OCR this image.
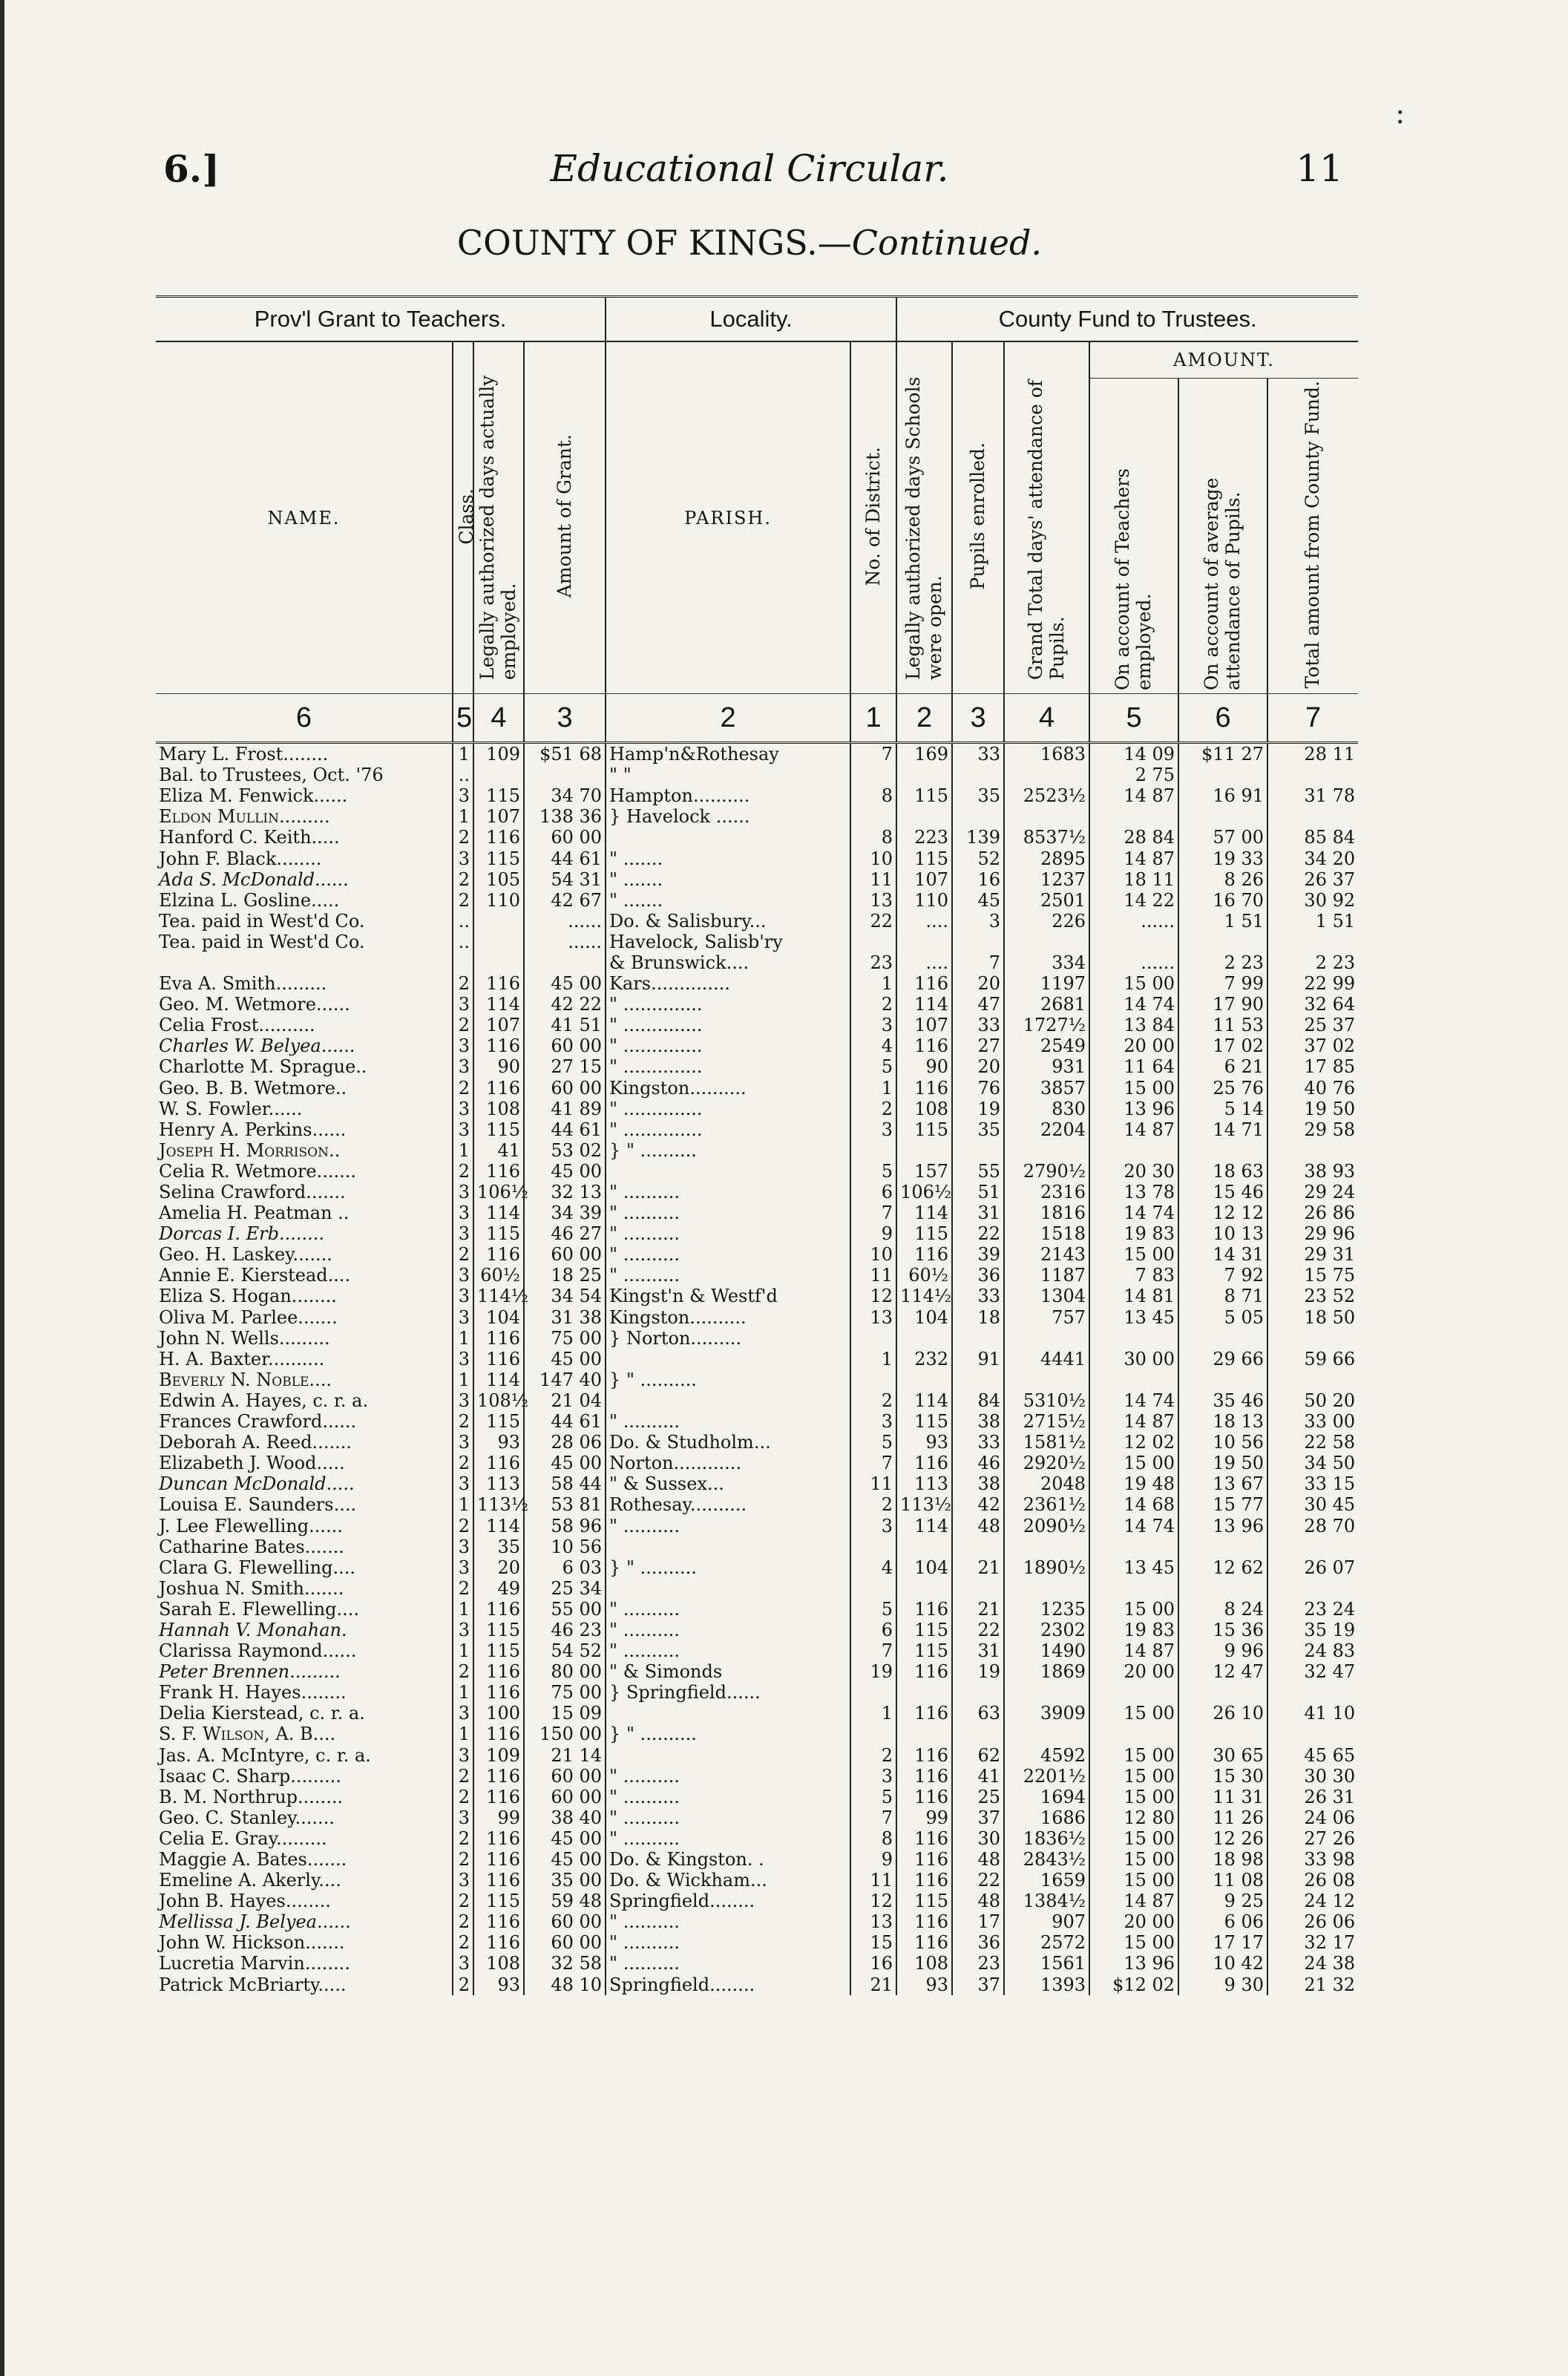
6.]	Educational Circular.	11
COUNTY OF KINGS.—Continued.
Prov'l Grant to Teachers.				Locality.		County Fund to Trustees.					
NAME.	Class.	Legally authorized days actually employed.	Amount of Grant.	PARISH.	No. of District.	Legally authorized days Schools were open.	Pupils enrolled.	Grand Total days' attendance of Pupils.	AMOUNT.		
									On account of Teachers employed.	On account of average attendance of Pupils.	Total amount from County Fund.
6	5	4	3	2	1	2	3	4	5	6	7
Mary L. Frost........	1	109	$51 68	Hamp'n&Rothesay	7	169	33	1683	14 09	$11 27	28 11
Bal. to Trustees, Oct. '76	..			" "					2 75		
Eliza M. Fenwick......	3	115	34 70	Hampton..........	8	115	35	2523½	14 87	16 91	31 78
Eldon Mullin.........	1	107	138 36	} Havelock ......							
Hanford C. Keith.....	2	116	60 00		8	223	139	8537½	28 84	57 00	85 84
John F. Black........	3	115	44 61	" .......	10	115	52	2895	14 87	19 33	34 20
Ada S. McDonald......	2	105	54 31	" .......	11	107	16	1237	18 11	8 26	26 37
Elzina L. Gosline.....	2	110	42 67	" .......	13	110	45	2501	14 22	16 70	30 92
Tea. paid in West'd Co.	..		......	Do. & Salisbury...	22	....	3	226	......	1 51	1 51
Tea. paid in West'd Co.	..		......	Havelock, Salisb'ry							
				& Brunswick....	23	....	7	334	......	2 23	2 23
Eva A. Smith.........	2	116	45 00	Kars..............	1	116	20	1197	15 00	7 99	22 99
Geo. M. Wetmore......	3	114	42 22	" ..............	2	114	47	2681	14 74	17 90	32 64
Celia Frost..........	2	107	41 51	" ..............	3	107	33	1727½	13 84	11 53	25 37
Charles W. Belyea......	3	116	60 00	" ..............	4	116	27	2549	20 00	17 02	37 02
Charlotte M. Sprague..	3	90	27 15	" ..............	5	90	20	931	11 64	6 21	17 85
Geo. B. B. Wetmore..	2	116	60 00	Kingston..........	1	116	76	3857	15 00	25 76	40 76
W. S. Fowler......	3	108	41 89	" ..............	2	108	19	830	13 96	5 14	19 50
Henry A. Perkins......	3	115	44 61	" ..............	3	115	35	2204	14 87	14 71	29 58
Joseph H. Morrison..	1	41	53 02	} " ..........							
Celia R. Wetmore.......	2	116	45 00		5	157	55	2790½	20 30	18 63	38 93
Selina Crawford.......	3	106½	32 13	" ..........	6	106½	51	2316	13 78	15 46	29 24
Amelia H. Peatman ..	3	114	34 39	" ..........	7	114	31	1816	14 74	12 12	26 86
Dorcas I. Erb........	3	115	46 27	" ..........	9	115	22	1518	19 83	10 13	29 96
Geo. H. Laskey.......	2	116	60 00	" ..........	10	116	39	2143	15 00	14 31	29 31
Annie E. Kierstead....	3	60½	18 25	" ..........	11	60½	36	1187	7 83	7 92	15 75
Eliza S. Hogan........	3	114½	34 54	Kingst'n & Westf'd	12	114½	33	1304	14 81	8 71	23 52
Oliva M. Parlee.......	3	104	31 38	Kingston..........	13	104	18	757	13 45	5 05	18 50
John N. Wells.........	1	116	75 00	} Norton.........							
H. A. Baxter..........	3	116	45 00		1	232	91	4441	30 00	29 66	59 66
Beverly N. Noble....	1	114	147 40	} " ..........							
Edwin A. Hayes, c. r. a.	3	108½	21 04		2	114	84	5310½	14 74	35 46	50 20
Frances Crawford......	2	115	44 61	" ..........	3	115	38	2715½	14 87	18 13	33 00
Deborah A. Reed.......	3	93	28 06	Do. & Studholm...	5	93	33	1581½	12 02	10 56	22 58
Elizabeth J. Wood.....	2	116	45 00	Norton............	7	116	46	2920½	15 00	19 50	34 50
Duncan McDonald.....	3	113	58 44	" & Sussex...	11	113	38	2048	19 48	13 67	33 15
Louisa E. Saunders....	1	113½	53 81	Rothesay..........	2	113½	42	2361½	14 68	15 77	30 45
J. Lee Flewelling......	2	114	58 96	" ..........	3	114	48	2090½	14 74	13 96	28 70
Catharine Bates.......	3	35	10 56								
Clara G. Flewelling....	3	20	6 03	} " ..........	4	104	21	1890½	13 45	12 62	26 07
Joshua N. Smith.......	2	49	25 34								
Sarah E. Flewelling....	1	116	55 00	" ..........	5	116	21	1235	15 00	8 24	23 24
Hannah V. Monahan.	3	115	46 23	" ..........	6	115	22	2302	19 83	15 36	35 19
Clarissa Raymond......	1	115	54 52	" ..........	7	115	31	1490	14 87	9 96	24 83
Peter Brennen.........	2	116	80 00	" & Simonds	19	116	19	1869	20 00	12 47	32 47
Frank H. Hayes........	1	116	75 00	} Springfield......							
Delia Kierstead, c. r. a.	3	100	15 09		1	116	63	3909	15 00	26 10	41 10
S. F. Wilson, A. B....	1	116	150 00	} " ..........							
Jas. A. McIntyre, c. r. a.	3	109	21 14		2	116	62	4592	15 00	30 65	45 65
Isaac C. Sharp.........	2	116	60 00	" ..........	3	116	41	2201½	15 00	15 30	30 30
B. M. Northrup........	2	116	60 00	" ..........	5	116	25	1694	15 00	11 31	26 31
Geo. C. Stanley.......	3	99	38 40	" ..........	7	99	37	1686	12 80	11 26	24 06
Celia E. Gray.........	2	116	45 00	" ..........	8	116	30	1836½	15 00	12 26	27 26
Maggie A. Bates.......	2	116	45 00	Do. & Kingston. .	9	116	48	2843½	15 00	18 98	33 98
Emeline A. Akerly....	3	116	35 00	Do. & Wickham...	11	116	22	1659	15 00	11 08	26 08
John B. Hayes........	2	115	59 48	Springfield........	12	115	48	1384½	14 87	9 25	24 12
Mellissa J. Belyea......	2	116	60 00	" ..........	13	116	17	907	20 00	6 06	26 06
John W. Hickson.......	2	116	60 00	" ..........	15	116	36	2572	15 00	17 17	32 17
Lucretia Marvin........	3	108	32 58	" ..........	16	108	23	1561	13 96	10 42	24 38
Patrick McBriarty.....	2	93	48 10	Springfield........	21	93	37	1393	$12 02	9 30	21 32
:
